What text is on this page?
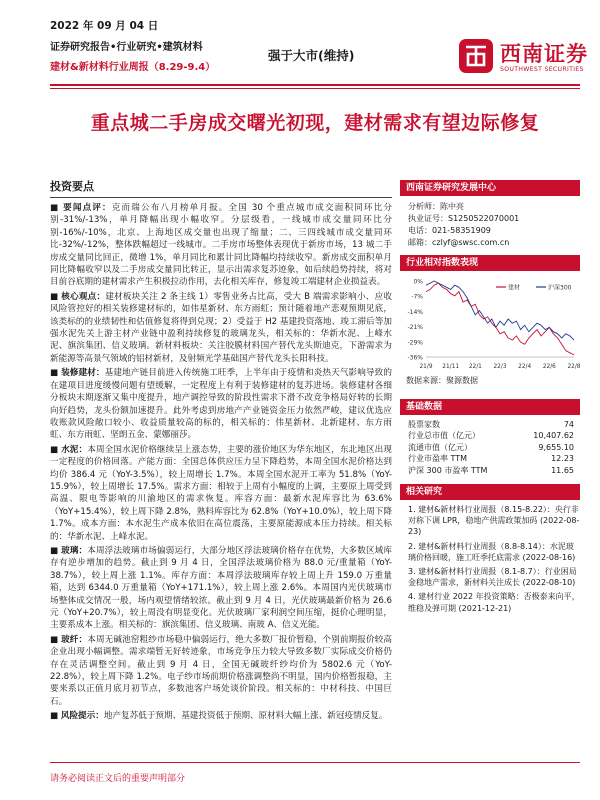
2022 年 09 月 04 日
证券研究报告•行业研究•建筑材料
建材&新材料行业周报（8.29-9.4）
强于大市(维持)	西南证券
SOUTHWEST SECURITIES
重点城二手房成交曙光初现，建材需求有望边际修复
投资要点

■ 要闻点评：克而瑞公布八月榜单月报。全国 30 个重点城市成交面积同环比分别-31%/-13%，单月降幅出现小幅收窄。分层级看，一线城市成交量同环比分别-16%/-10%，北京、上海地区成交量也出现了缩量；二、三四线城市成交量同环比-32%/-12%，整体跌幅超过一线城市。二手房市场整体表现优于新房市场，13 城二手房成交量同比回正，微增 1%，单月同比和累计同比降幅均持续收窄。新房成交面积单月同比降幅收窄以及二手房成交量同比转正，显示出需求复苏迹象，如后续趋势持续，将对目前谷底期的建材需求产生积极拉动作用，去化相关库存，修复竣工端建材企业损益表。

■ 核心观点：建材板块关注 2 条主线 1）零售业务占比高，受大 B 端需求影响小、应收风险管控好的相关装修建材标的，如伟星新材、东方雨虹；预计随着地产悲观预期见底，该类标的的业绩韧性和估值修复将得到兑现；2）受益于 H2 基建投资落地、竣工滞后等加强水泥先关上游主材产业链中盈利持续修复的玻璃龙头，相关标的：华新水泥、上峰水泥、旗滨集团、信义玻璃。新材料板块：关注胶膜材料国产替代龙头斯迪克，下游需求为新能源等高景气领域的铝材新材，及射频光学基础国产替代龙头长阳科技。

■ 装修建材：基建地产链目前进入传统施工旺季，上半年由于疫情和炎热天气影响导致的在建项目进度缓慢问题有望缓解，一定程度上有利于装修建材的复苏进场。装修建材各细分板块末期逐渐又集中度提升，地产调控导致的阶段性需求下滑不改竞争格局好转的长期向好趋势，龙头份额加速提升。此外考虑到房地产产业链资金压力依然严峻，建议优选应收账款风险敞口较小、收益质量较高的标的，相关标的：伟星新材、北新建材、东方雨虹、东方雨虹、坚朗五金、蒙娜丽莎。

■ 水泥：本周全国水泥价格继续呈上涨态势，主要的涨价地区为华东地区，东北地区出现一定程度的价格回落。产能方面：全国总体供应压力呈下降趋势，本周全国水泥价格达到均价 386.4 元（YoY-3.5%），较上周增长 1.7%。本周全国水泥开工率为 51.8%（YoY-15.9%），较上周增长 17.5%。需求方面：相较于上周有小幅度的上调，主要原上周受到高温、限电等影响的川渝地区的需求恢复。库容方面：最新水泥库容比为 63.6%（YoY+15.4%），较上周下降 2.8%，熟料库容比为 62.8%（YoY+10.0%），较上周下降 1.7%。成本方面：本水泥生产成本依旧在高位震荡，主要原能源成本压力持续。相关标的：华新水泥、上峰水泥。

■ 玻璃：本周浮法玻璃市场偏弱运行，大部分地区浮法玻璃价格存在优势，大多数区域库存有逆步增加的趋势。截止到 9 月 4 日，全国浮法玻璃价格为 88.0 元/重量箱（YoY-38.7%），较上周上涨 1.1%。库存方面：本周浮法玻璃库存较上周上升 159.0 万重量箱，达到 6344.0 万重量箱（YoY+171.1%），较上周上涨 2.6%。本周国内光伏玻璃市场整体成交情况一般，场内观望情绪较浓。截止到 9 月 4 日，光伏玻璃最新价格为 26.6 元（YoY+20.7%），较上周没有明显变化。光伏玻璃厂家利润空间压缩，挺价心理明显，主要系成本上涨。相关标的：旗滨集团、信义玻璃、南玻 A、信义光能。

■ 玻纤：本周无碱池窑粗纱市场稳中偏弱运行，绝大多数厂报价暂稳，个别前期报价较高企业出现小幅调整。需求端暂无好转迹象，市场竞争压力较大导致多数厂实际成交价格仍存在灵活调整空间。截止到 9 月 4 日，全国无碱玻纤纱均价为 5802.6 元（YoY-22.8%），较上周下降 1.2%。电子纱市场前期价格涨调整尚不明显，国内价格暂报稳，主要来系以正值月底月初节点，多数池客户场处谈价阶段。相关标的：中材科技、中国巨石。

■ 风险提示：地产复苏低于预期、基建投资低于预期、原材料大幅上涨、新冠疫情反复。

西南证券研究发展中心
分析师：陈中亮
执业证号：S1250522070001
电话：021-58351909
邮箱：czlyf@swsc.com.cn
行业相对指数表现
0%
-7%
-14%
-21%
-29%
-36%
21/9 21/11 22/1 22/3 22/4 22/6 22/8
建材	沪深300
数据来源：聚源数据
基础数据
股票家数	74
行业总市值（亿元）	10,407.62
流通市值（亿元）	9,655.10
行业市盈率 TTM	12.23
沪深 300 市盈率 TTM	11.65
相关研究
1. 建材&新材料行业周报（8.15-8.22）：央行非对称下调 LPR，稳地产供需政策加码 (2022-08-23)
2. 建材&新材料行业周报（8.8-8.14）：水泥玻璃价格回暖，施工旺季托底需求 (2022-08-16)
3. 建材&新材料行业周报（8.1-8.7）：行业困局金稳地产需求，新材料关注成长 (2022-08-10)
4. 建材行业 2022 年投资策略：否极泰来向平，维稳及弹可期 (2021-12-21)
请务必阅读正文后的重要声明部分
